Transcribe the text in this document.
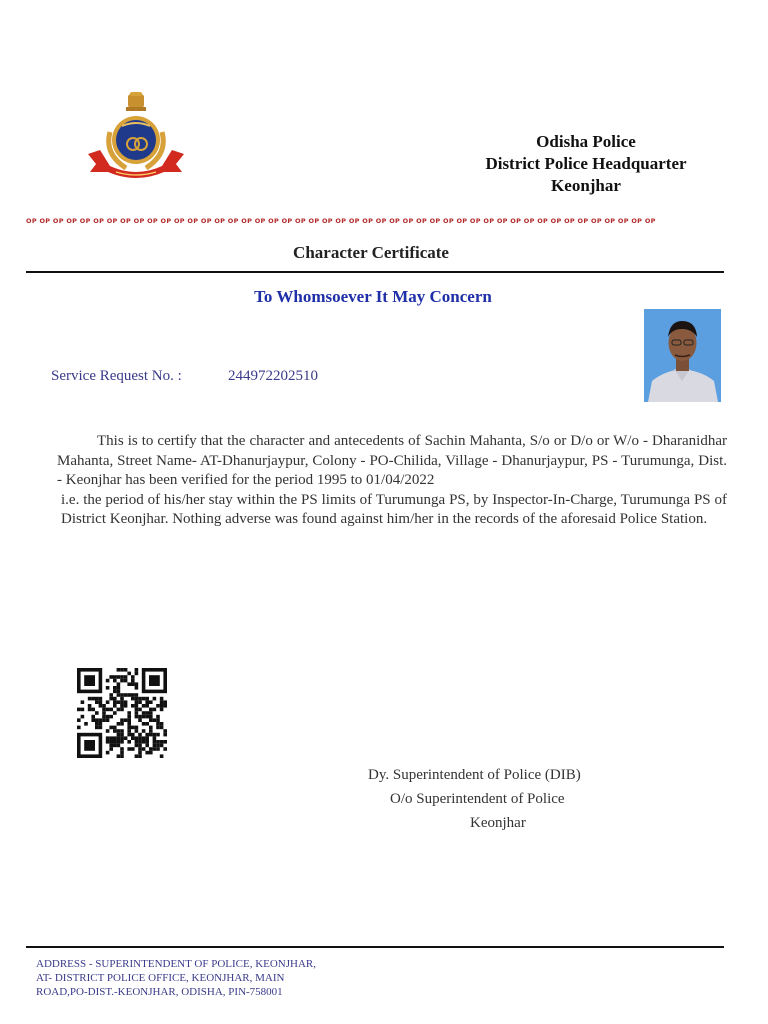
Odisha Police
District Police Headquarter
Keonjhar
OP OP OP OP OP OP OP OP OP OP OP OP OP OP OP OP OP OP OP OP OP OP OP OP OP OP OP OP OP OP OP OP OP OP OP OP OP OP OP OP OP OP OP OP OP OP OP
Character Certificate
To Whomsoever It May Concern
Service Request No. :	244972202510

This is to certify that the character and antecedents of Sachin Mahanta, S/o or D/o or W/o - Dharanidhar Mahanta, Street Name- AT-Dhanurjaypur, Colony - PO-Chilida, Village - Dhanurjaypur, PS - Turumunga, Dist. - Keonjhar has been verified for the period 1995 to 01/04/2022

i.e. the period of his/her stay within the PS limits of Turumunga PS, by Inspector-In-Charge, Turumunga PS of District Keonjhar. Nothing adverse was found against him/her in the records of the aforesaid Police Station.

Dy. Superintendent of Police (DIB)
O/o Superintendent of Police
Keonjhar
ADDRESS - SUPERINTENDENT OF POLICE, KEONJHAR,
AT- DISTRICT POLICE OFFICE, KEONJHAR, MAIN
ROAD,PO-DIST.-KEONJHAR, ODISHA, PIN-758001
